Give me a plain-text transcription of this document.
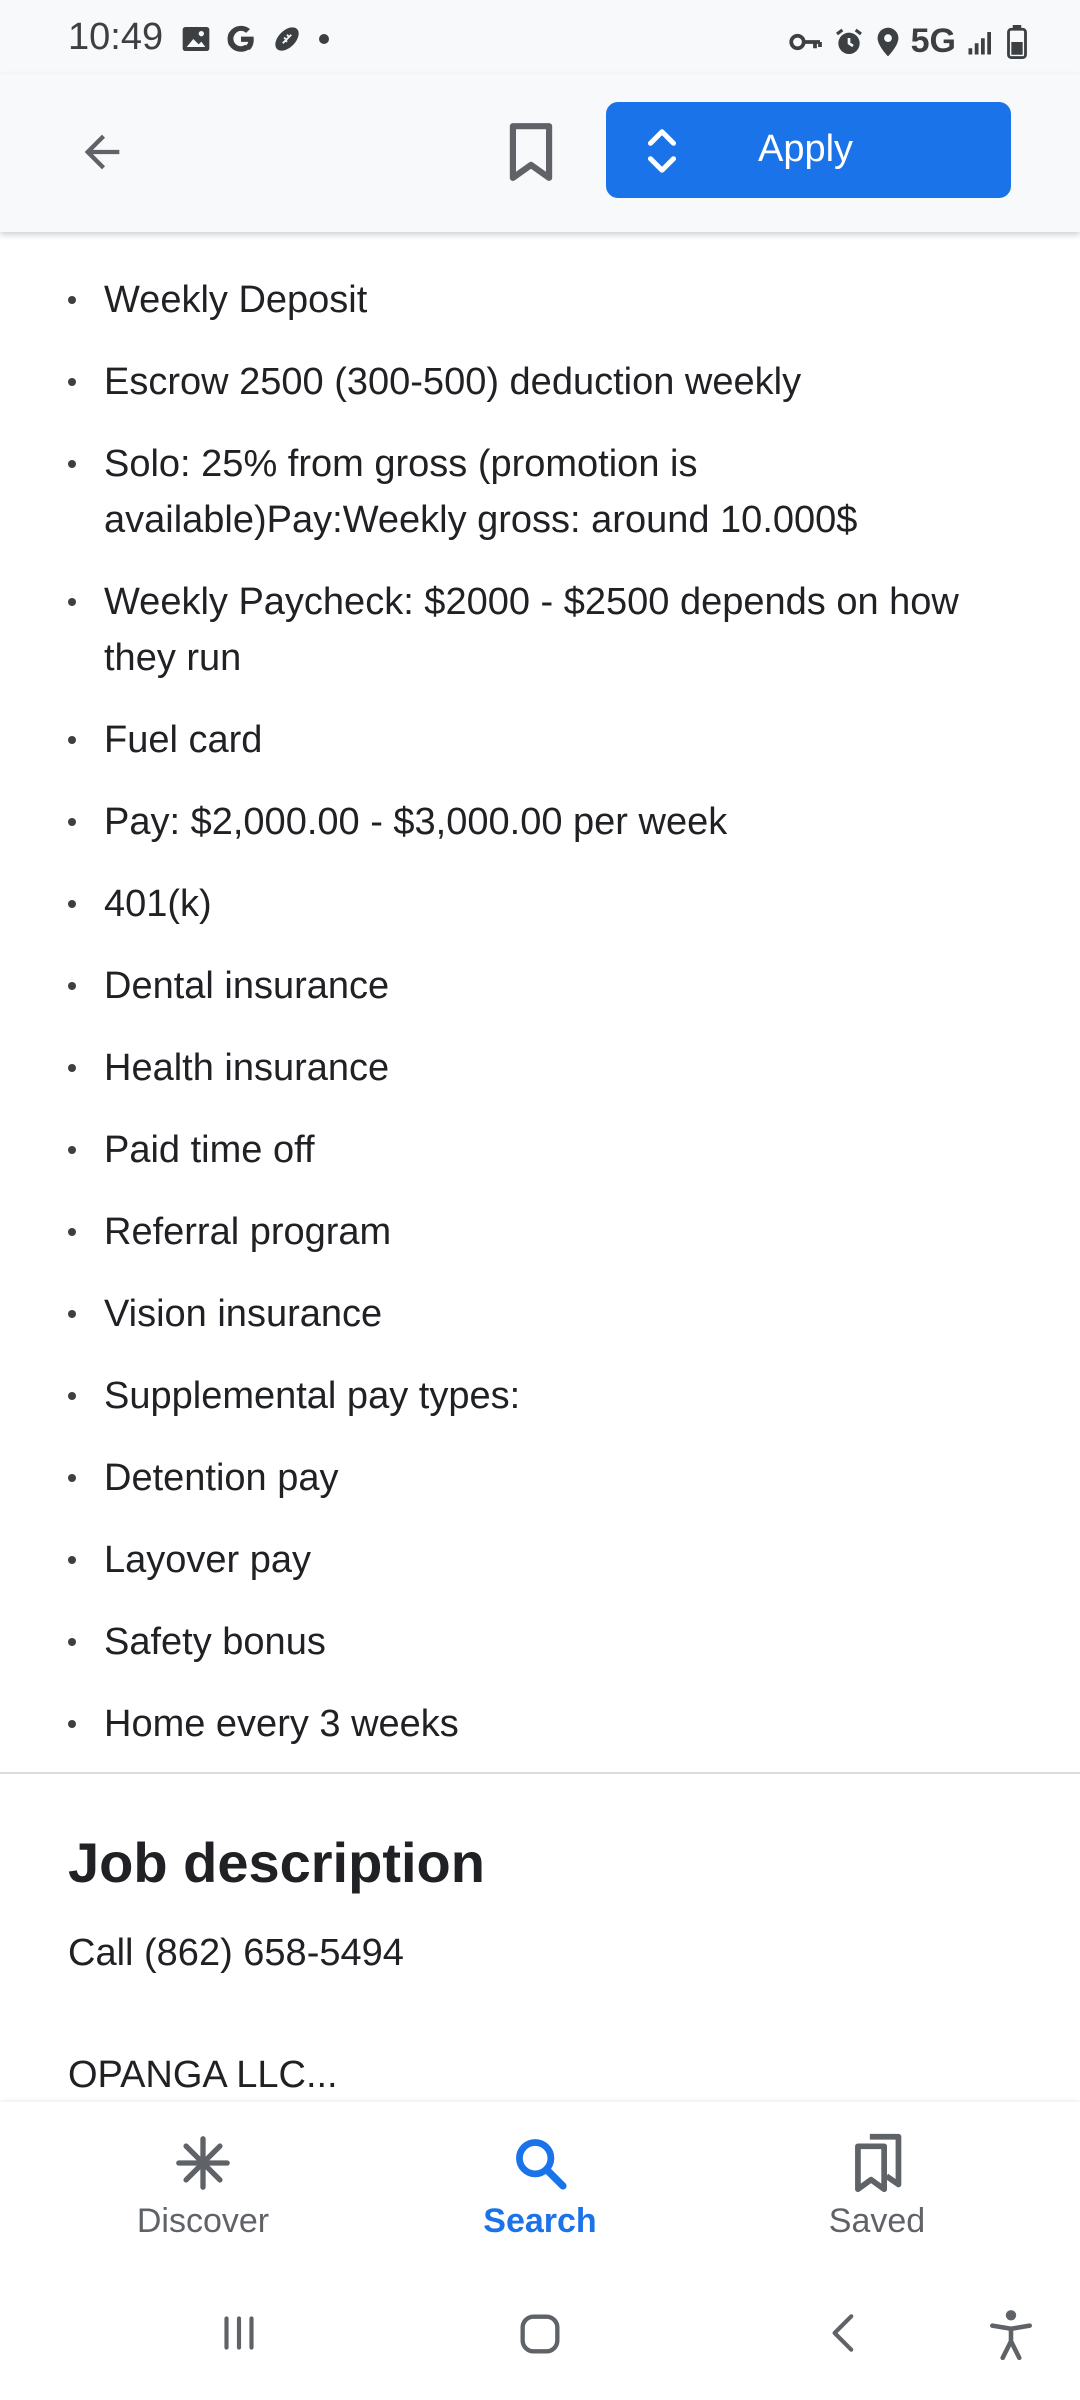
10:49	5G
Apply
Weekly Deposit
Escrow 2500 (300-500) deduction weekly
Solo: 25% from gross (promotion is available)Pay:Weekly gross: around 10.000$
Weekly Paycheck: $2000 - $2500 depends on how they run
Fuel card
Pay: $2,000.00 - $3,000.00 per week
401(k)
Dental insurance
Health insurance
Paid time off
Referral program
Vision insurance
Supplemental pay types:
Detention pay
Layover pay
Safety bonus
Home every 3 weeks
Job description

Call (862) 658-5494

OPANGA LLC...

Discover	Search	Saved
